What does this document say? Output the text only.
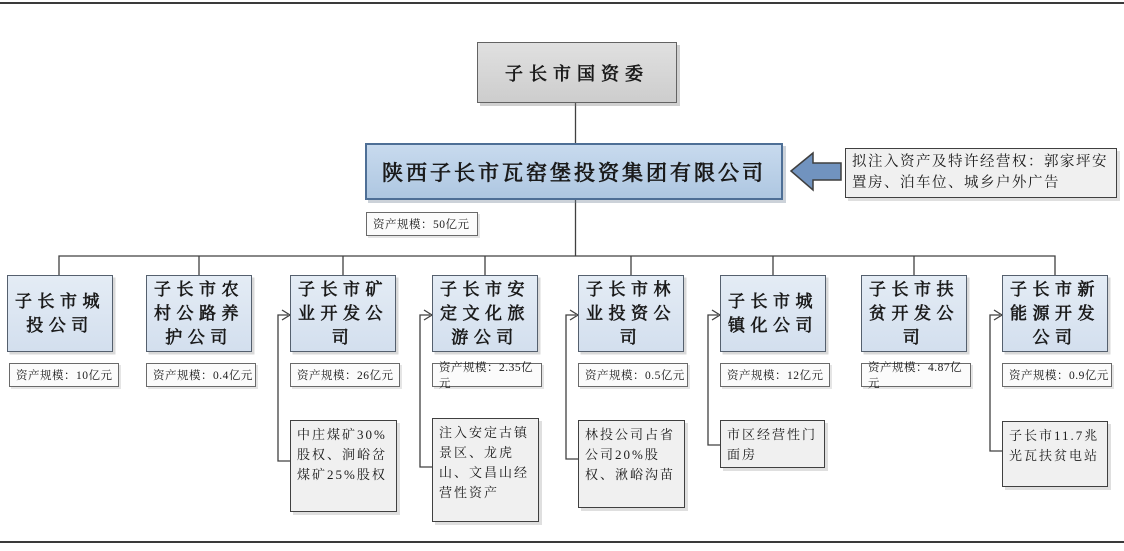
子长市国资委
陕西子长市瓦窑堡投资集团有限公司
资产规模：50亿元
拟注入资产及特许经营权：郭家坪安置房、泊车位、城乡户外广告
子长市城投公司
子长市农村公路养护公司
子长市矿业开发公司
子长市安定文化旅游公司
子长市林业投资公司
子长市城镇化公司
子长市扶贫开发公司
子长市新能源开发公司
资产规模：10亿元	资产规模：0.4亿元	资产规模：26亿元
资产规模：2.35亿元
资产规模：0.5亿元	资产规模：12亿元
资产规模：4.87亿元
资产规模：0.9亿元
中庄煤矿30%股权、涧峪岔煤矿25%股权
注入安定古镇景区、龙虎山、文昌山经营性资产
林投公司占省公司20%股权、湫峪沟苗
市区经营性门面房
子长市11.7兆光瓦扶贫电站
